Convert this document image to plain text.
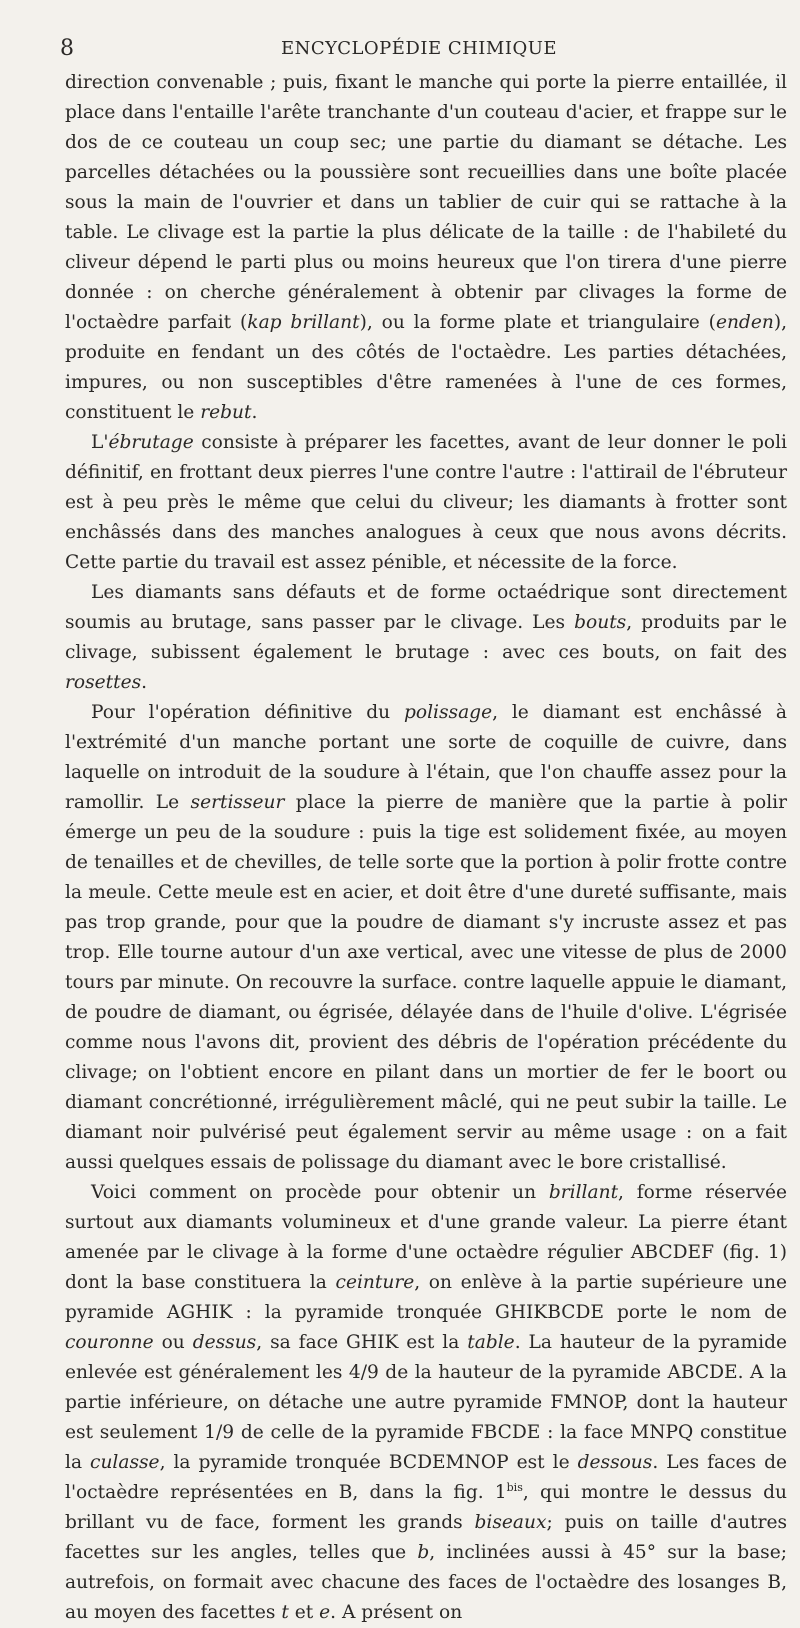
8	ENCYCLOPÉDIE CHIMIQUE

direction convenable ; puis, fixant le manche qui porte la pierre entaillée, il place dans l'entaille l'arête tranchante d'un couteau d'acier, et frappe sur le dos de ce couteau un coup sec; une partie du diamant se détache. Les parcelles détachées ou la poussière sont recueillies dans une boîte placée sous la main de l'ouvrier et dans un tablier de cuir qui se rattache à la table. Le clivage est la partie la plus délicate de la taille : de l'habileté du cliveur dépend le parti plus ou moins heureux que l'on tirera d'une pierre donnée : on cherche généralement à obtenir par clivages la forme de l'octaèdre parfait (kap brillant), ou la forme plate et triangulaire (enden), produite en fendant un des côtés de l'octaèdre. Les parties détachées, impures, ou non susceptibles d'être ramenées à l'une de ces formes, constituent le rebut.

L'ébrutage consiste à préparer les facettes, avant de leur donner le poli définitif, en frottant deux pierres l'une contre l'autre : l'attirail de l'ébruteur est à peu près le même que celui du cliveur; les diamants à frotter sont enchâssés dans des manches analogues à ceux que nous avons décrits. Cette partie du travail est assez pénible, et nécessite de la force.

Les diamants sans défauts et de forme octaédrique sont directement soumis au brutage, sans passer par le clivage. Les bouts, produits par le clivage, subissent également le brutage : avec ces bouts, on fait des rosettes.

Pour l'opération définitive du polissage, le diamant est enchâssé à l'extrémité d'un manche portant une sorte de coquille de cuivre, dans laquelle on introduit de la soudure à l'étain, que l'on chauffe assez pour la ramollir. Le sertisseur place la pierre de manière que la partie à polir émerge un peu de la soudure : puis la tige est solidement fixée, au moyen de tenailles et de chevilles, de telle sorte que la portion à polir frotte contre la meule. Cette meule est en acier, et doit être d'une dureté suffisante, mais pas trop grande, pour que la poudre de diamant s'y incruste assez et pas trop. Elle tourne autour d'un axe vertical, avec une vitesse de plus de 2000 tours par minute. On recouvre la surface. contre laquelle appuie le diamant, de poudre de diamant, ou égrisée, délayée dans de l'huile d'olive. L'égrisée comme nous l'avons dit, provient des débris de l'opération précédente du clivage; on l'obtient encore en pilant dans un mortier de fer le boort ou diamant concrétionné, irrégulièrement mâclé, qui ne peut subir la taille. Le diamant noir pulvérisé peut également servir au même usage : on a fait aussi quelques essais de polissage du diamant avec le bore cristallisé.

Voici comment on procède pour obtenir un brillant, forme réservée surtout aux diamants volumineux et d'une grande valeur. La pierre étant amenée par le clivage à la forme d'une octaèdre régulier ABCDEF (fig. 1) dont la base constituera la ceinture, on enlève à la partie supérieure une pyramide AGHIK : la pyramide tronquée GHIKBCDE porte le nom de couronne ou dessus, sa face GHIK est la table. La hauteur de la pyramide enlevée est généralement les 4/9 de la hauteur de la pyramide ABCDE. A la partie inférieure, on détache une autre pyramide FMNOP, dont la hauteur est seulement 1/9 de celle de la pyramide FBCDE : la face MNPQ constitue la culasse, la pyramide tronquée BCDEMNOP est le dessous. Les faces de l'octaèdre représentées en B, dans la fig. $1^{bis}$, qui montre le dessus du brillant vu de face, forment les grands biseaux; puis on taille d'autres facettes sur les angles, telles que b, inclinées aussi à 45° sur la base; autrefois, on formait avec chacune des faces de l'octaèdre des losanges B, au moyen des facettes t et e. A présent on
